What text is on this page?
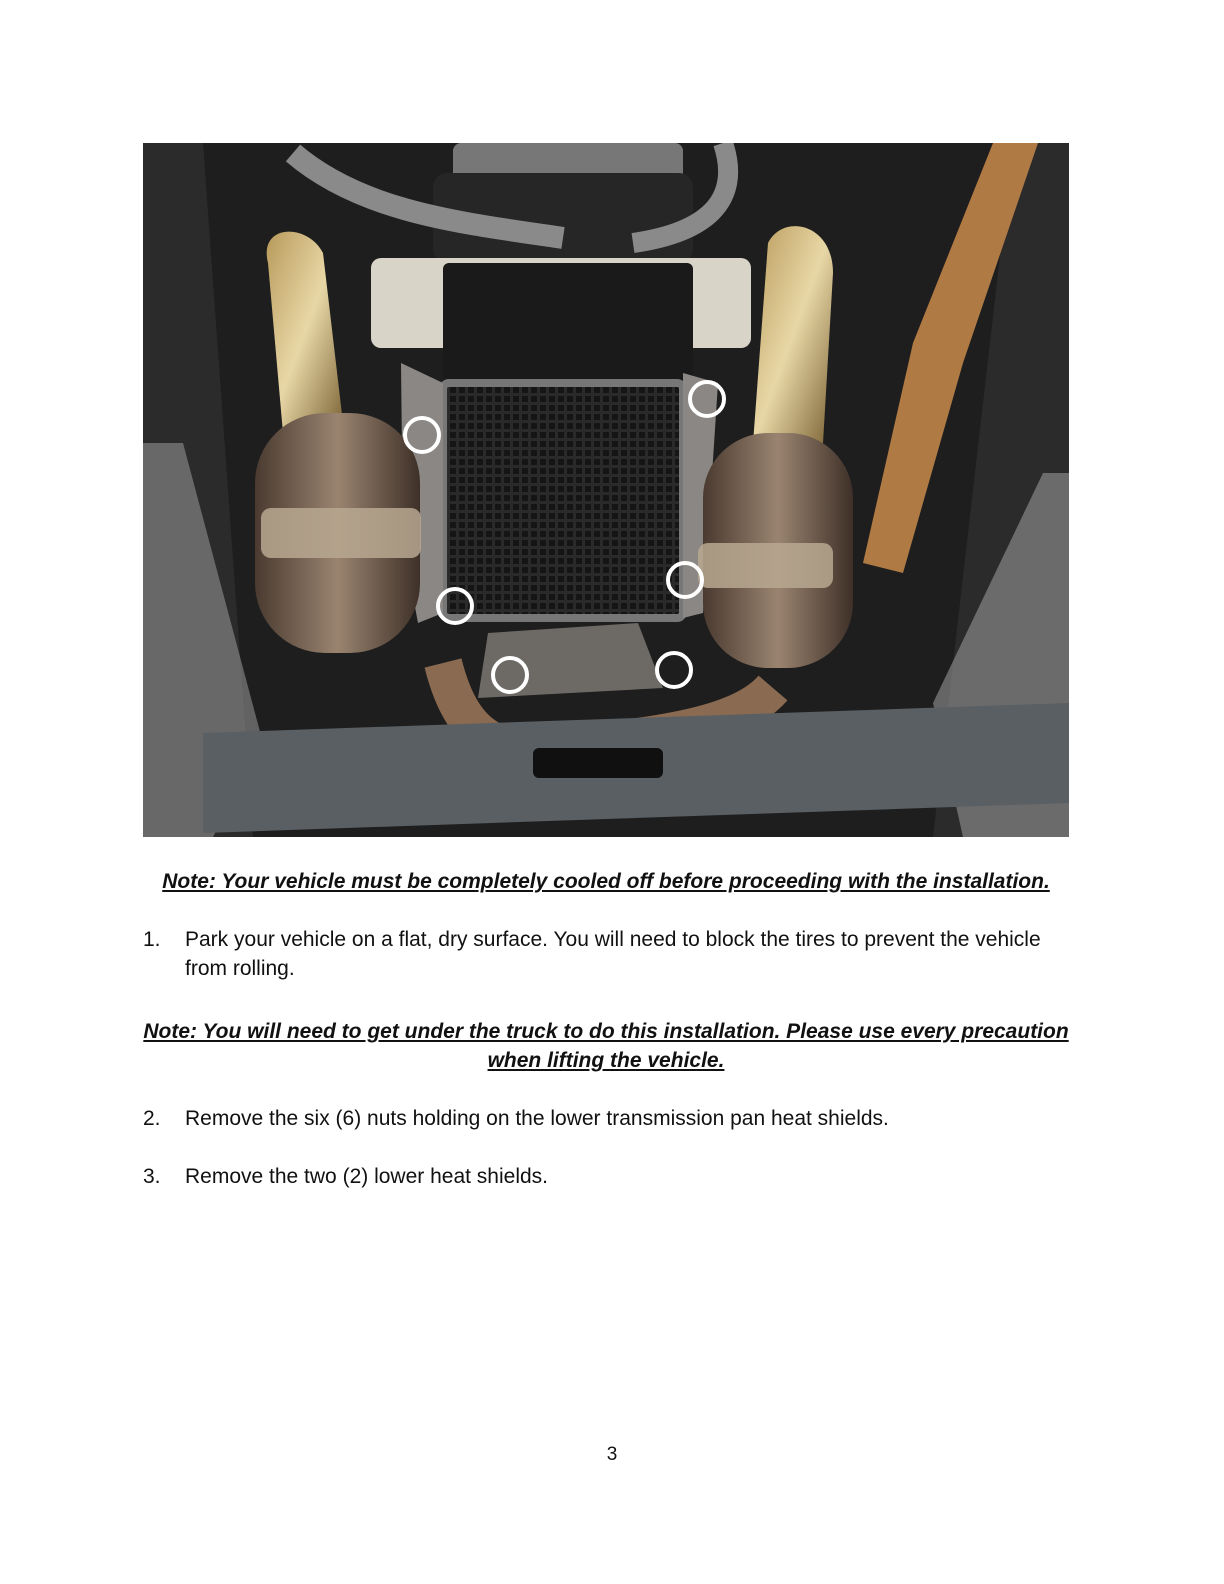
Note: Your vehicle must be completely cooled off before proceeding with the installation.
1. Park your vehicle on a flat, dry surface. You will need to block the tires to prevent the vehicle from rolling.
Note: You will need to get under the truck to do this installation. Please use every precaution when lifting the vehicle.
2. Remove the six (6) nuts holding on the lower transmission pan heat shields.
3. Remove the two (2) lower heat shields.
3
